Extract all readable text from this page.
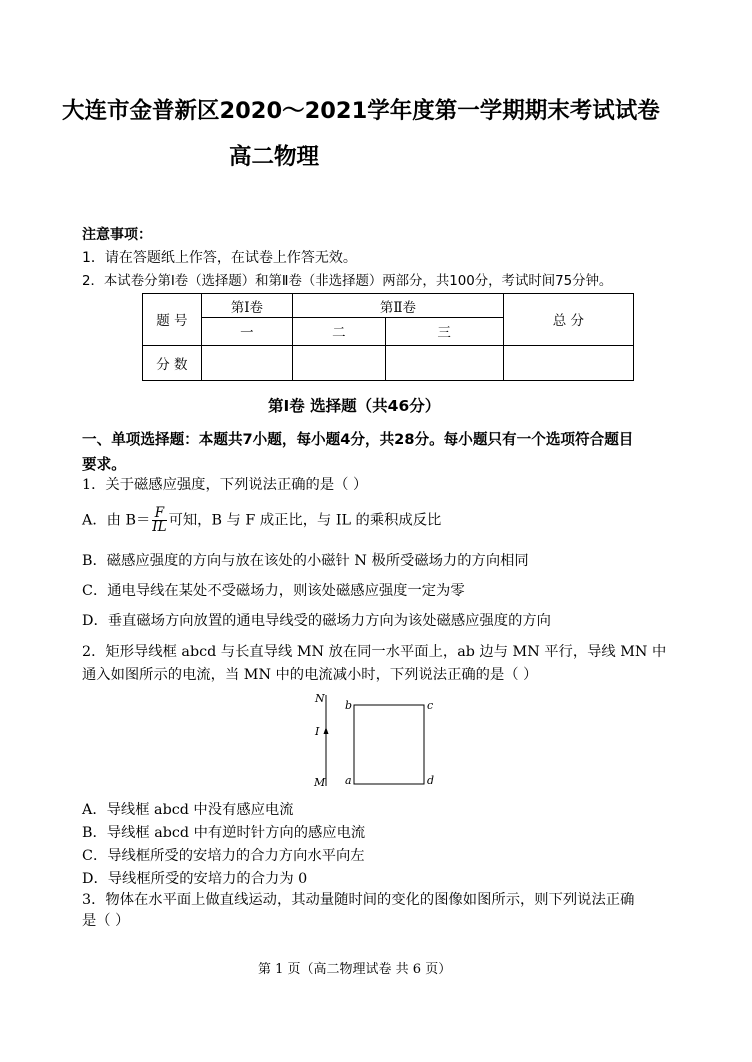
大连市金普新区2020～2021学年度第一学期期末考试试卷
高二物理
注意事项：
1．请在答题纸上作答，在试卷上作答无效。
2．本试卷分第Ⅰ卷（选择题）和第Ⅱ卷（非选择题）两部分，共100分，考试时间75分钟。
题 号	第Ⅰ卷	第Ⅱ卷		总 分
	一	二	三	
分 数				
第Ⅰ卷 选择题（共46分）
一、单项选择题：本题共7小题，每小题4分，共28分。每小题只有一个选项符合题目
要求。
1．关于磁感应强度，下列说法正确的是（ ）
A．由 $B= \frac{F}{IL}$ 可知，B 与 F 成正比，与 IL 的乘积成反比
B．磁感应强度的方向与放在该处的小磁针 N 极所受磁场力的方向相同
C．通电导线在某处不受磁场力，则该处磁感应强度一定为零
D．垂直磁场方向放置的通电导线受的磁场力方向为该处磁感应强度的方向
2．矩形导线框 abcd 与长直导线 MN 放在同一水平面上，ab 边与 MN 平行，导线 MN 中
通入如图所示的电流，当 MN 中的电流减小时，下列说法正确的是（ ）
N
I
M
b	c
a	d
A．导线框 abcd 中没有感应电流
B．导线框 abcd 中有逆时针方向的感应电流
C．导线框所受的安培力的合力方向水平向左
D．导线框所受的安培力的合力为 0
3．物体在水平面上做直线运动，其动量随时间的变化的图像如图所示，则下列说法正确
是（ ）
第 1 页（高二物理试卷 共 6 页）
